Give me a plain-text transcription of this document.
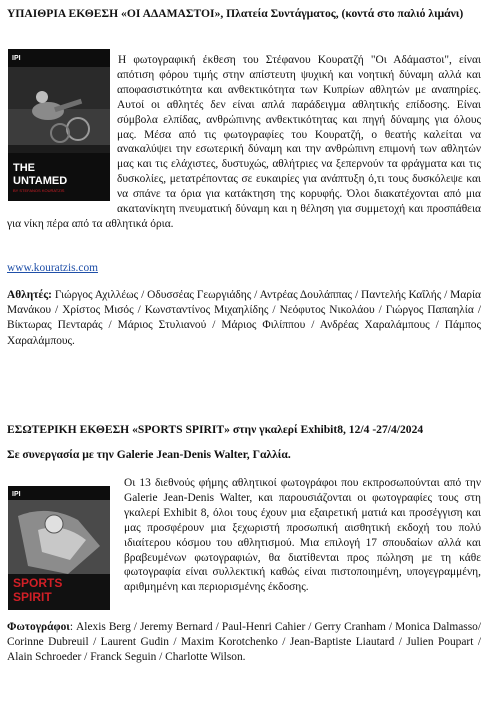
ΥΠΑΙΘΡΙΑ ΕΚΘΕΣΗ «ΟΙ ΑΔΑΜΑΣΤΟΙ», Πλατεία Συντάγματος, (κοντά στο παλιό λιμάνι)

ΙΡΙ
THE
UNTAMED
BY STEFANOS KOURATZIS

Η φωτογραφική έκθεση του Στέφανου Κουρατζή "Οι Αδάμαστοι", είναι απότιση φόρου τιμής στην απίστευτη ψυχική και νοητική δύναμη αλλά και αποφασιστικότητα και ανθεκτικότητα των Κυπρίων αθλητών με αναπηρίες. Αυτοί οι αθλητές δεν είναι απλά παράδειγμα αθλητικής επίδοσης. Είναι σύμβολα ελπίδας, ανθρώπινης ανθεκτικότητας και πηγή δύναμης για όλους μας. Μέσα από τις φωτογραφίες του Κουρατζή, ο θεατής καλείται να ανακαλύψει την εσωτερική δύναμη και την ανθρώπινη επιμονή των αθλητών μας και τις ελάχιστες, δυστυχώς, αθλήτριες να ξεπερνούν τα φράγματα και τις δυσκολίες, μετατρέποντας σε ευκαιρίες για ανάπτυξη ό,τι τους δυσκόλεψε και να σπάνε τα όρια για κατάκτηση της κορυφής. Όλοι διακατέχονται από μια ακατανίκητη πνευματική δύναμη και η θέληση για συμμετοχή και προσπάθεια για νίκη πέρα από τα αθλητικά όρια.

www.kouratzis.com

Αθλητές: Γιώργος Αχιλλέως / Οδυσσέας Γεωργιάδης / Αντρέας Δουλάππας / Παντελής Καΐλής / Μαρία Μανάκου / Χρίστος Μισός / Κωνσταντίνος Μιχαηλίδης / Νεόφυτος Νικολάου / Γιώργος Παπαηλία / Βίκτωρας Πενταράς / Μάριος Στυλιανού / Μάριος Φιλίππου / Ανδρέας Χαραλάμπους / Πάμπος Χαραλάμπους.

ΕΣΩΤΕΡΙΚΗ ΕΚΘΕΣΗ «SPORTS SPIRIT» στην γκαλερί Exhibit8, 12/4 -27/4/2024

Σε συνεργασία με την Galerie Jean-Denis Walter, Γαλλία.

ΙΡΙ
SPORTS
SPIRIT

Οι 13 διεθνούς φήμης αθλητικοί φωτογράφοι που εκπροσωπούνται από την Galerie Jean-Denis Walter, και παρουσιάζονται οι φωτογραφίες τους στη γκαλερί Exhibit 8, όλοι τους έχουν μια εξαιρετική ματιά και προσέγγιση και μας προσφέρουν μια ξεχωριστή προσωπική αισθητική εκδοχή του πολύ ιδιαίτερου κόσμου του αθλητισμού. Μια επιλογή 17 σπουδαίων αλλά και βραβευμένων φωτογραφιών, θα διατίθενται προς πώληση με τη κάθε φωτογραφία είναι συλλεκτική καθώς είναι πιστοποιημένη, υπογεγραμμένη, αριθμημένη και περιορισμένης έκδοσης.

Φωτογράφοι: Alexis Berg / Jeremy Bernard / Paul-Henri Cahier / Gerry Cranham / Monica Dalmasso/ Corinne Dubreuil / Laurent Gudin / Maxim Korotchenko / Jean-Baptiste Liautard / Julien Poupart / Alain Schroeder / Franck Seguin / Charlotte Wilson.
